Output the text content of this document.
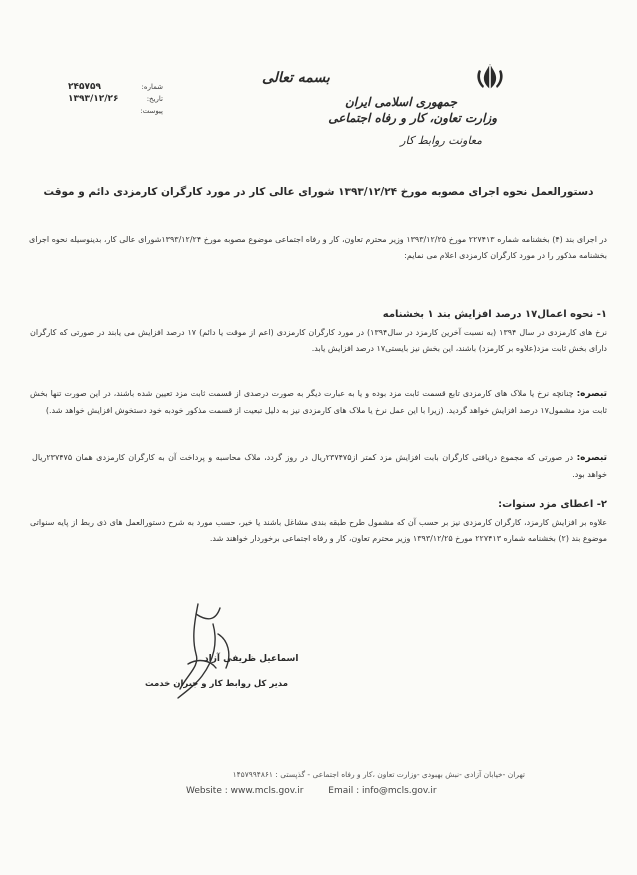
جمهوری اسلامی ایران
وزارت تعاون، کار و رفاه اجتماعی
معاونت روابط کار
بسمه تعالی
شماره:
۲۴۵۷۵۹
تاریخ:
۱۳۹۳/۱۲/۲۶
پیوست:
دستورالعمل نحوه اجرای مصوبه مورخ ۱۳۹۳/۱۲/۲۴ شورای عالی کار در مورد کارگران کارمزدی دائم و موقت
در اجرای بند (۴) بخشنامه شماره ۲۲۷۴۱۳ مورخ ۱۳۹۳/۱۲/۲۵ وزیر محترم تعاون، کار و رفاه اجتماعی موضوع مصوبه مورخ ۱۳۹۳/۱۲/۲۴شورای عالی کار، بدینوسیله نحوه اجرای بخشنامه مذکور را در مورد کارگران کارمزدی اعلام می نمایم:
۱- نحوه اعمال۱۷ درصد افزایش بند ۱ بخشنامه
نرخ های کارمزدی در سال ۱۳۹۴ (به نسبت آخرین کارمزد در سال۱۳۹۴) در مورد کارگران کارمزدی (اعم از موقت یا دائم) ۱۷ درصد افزایش می یابند در صورتی که کارگران دارای بخش ثابت مزد(علاوه بر کارمزد) باشند، این بخش نیز بایستی۱۷ درصد افزایش یابد.
تبصره: چنانچه نرخ یا ملاک های کارمزدی تابع قسمت ثابت مزد بوده و یا به عبارت دیگر به صورت درصدی از قسمت ثابت مزد تعیین شده باشند، در این صورت تنها بخش ثابت مزد مشمول۱۷ درصد افزایش خواهد گردید. (زیرا با این عمل نرخ یا ملاک های کارمزدی نیز به دلیل تبعیت از قسمت مذکور خودبه خود دستخوش افزایش خواهد شد.)
تبصره: در صورتی که مجموع دریافتی کارگران بابت افزایش مزد کمتر از۲۳۷۴۷۵ریال در روز گردد، ملاک محاسبه و پرداخت آن به کارگران کارمزدی همان ۲۳۷۴۷۵ریال خواهد بود.
۲- اعطای مزد سنوات:
علاوه بر افزایش کارمزد، کارگران کارمزدی نیز بر حسب آن که مشمول طرح طبقه بندی مشاغل باشند یا خیر، حسب مورد به شرح دستورالعمل های ذی ربط از پایه سنواتی موضوع بند (۲) بخشنامه شماره ۲۲۷۴۱۳ مورخ ۱۳۹۳/۱۲/۲۵ وزیر محترم تعاون، کار و رفاه اجتماعی برخوردار خواهند شد.
اسماعیل ظریفی آزاد
مدیر کل روابط کار و جبران خدمت
تهران -خیابان آزادی -نبش بهبودی -وزارت تعاون ،کار و رفاه اجتماعی - گذپستی : ۱۴۵۷۹۹۴۸۶۱
Website : www.mcls.gov.ir	Email : info@mcls.gov.ir
